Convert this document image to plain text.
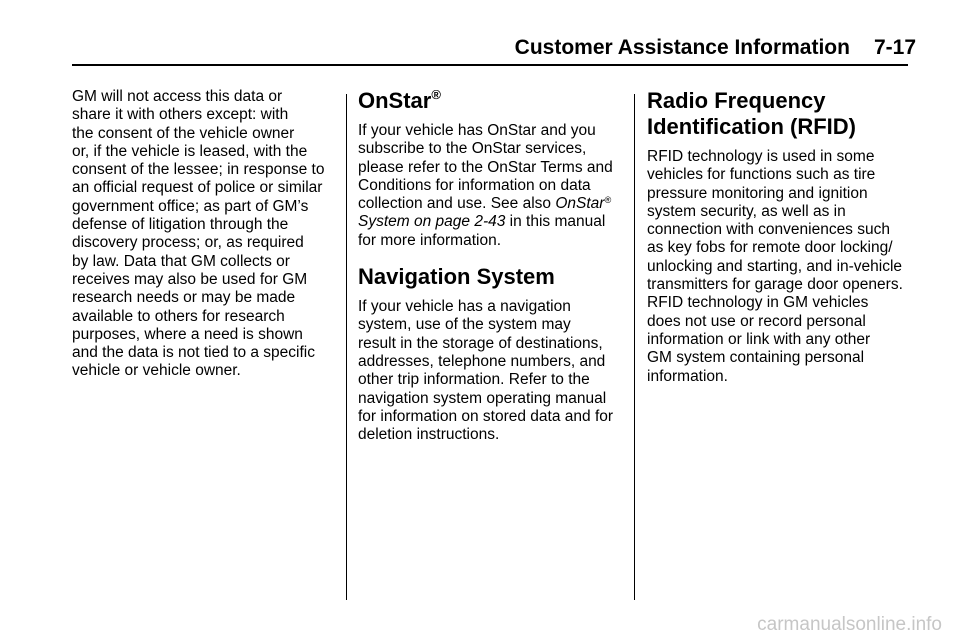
Customer Assistance Information 7-17

GM will not access this data or
share it with others except: with
the consent of the vehicle owner
or, if the vehicle is leased, with the
consent of the lessee; in response to
an official request of police or similar
government office; as part of GM’s
defense of litigation through the
discovery process; or, as required
by law. Data that GM collects or
receives may also be used for GM
research needs or may be made
available to others for research
purposes, where a need is shown
and the data is not tied to a specific
vehicle or vehicle owner.

OnStar®

If your vehicle has OnStar and you
subscribe to the OnStar services,
please refer to the OnStar Terms and
Conditions for information on data
collection and use. See also OnStar®
System on page 2-43 in this manual
for more information.

Navigation System

If your vehicle has a navigation
system, use of the system may
result in the storage of destinations,
addresses, telephone numbers, and
other trip information. Refer to the
navigation system operating manual
for information on stored data and for
deletion instructions.

Radio Frequency
Identification (RFID)

RFID technology is used in some
vehicles for functions such as tire
pressure monitoring and ignition
system security, as well as in
connection with conveniences such
as key fobs for remote door locking/
unlocking and starting, and in-vehicle
transmitters for garage door openers.
RFID technology in GM vehicles
does not use or record personal
information or link with any other
GM system containing personal
information.

carmanualsonline.info
